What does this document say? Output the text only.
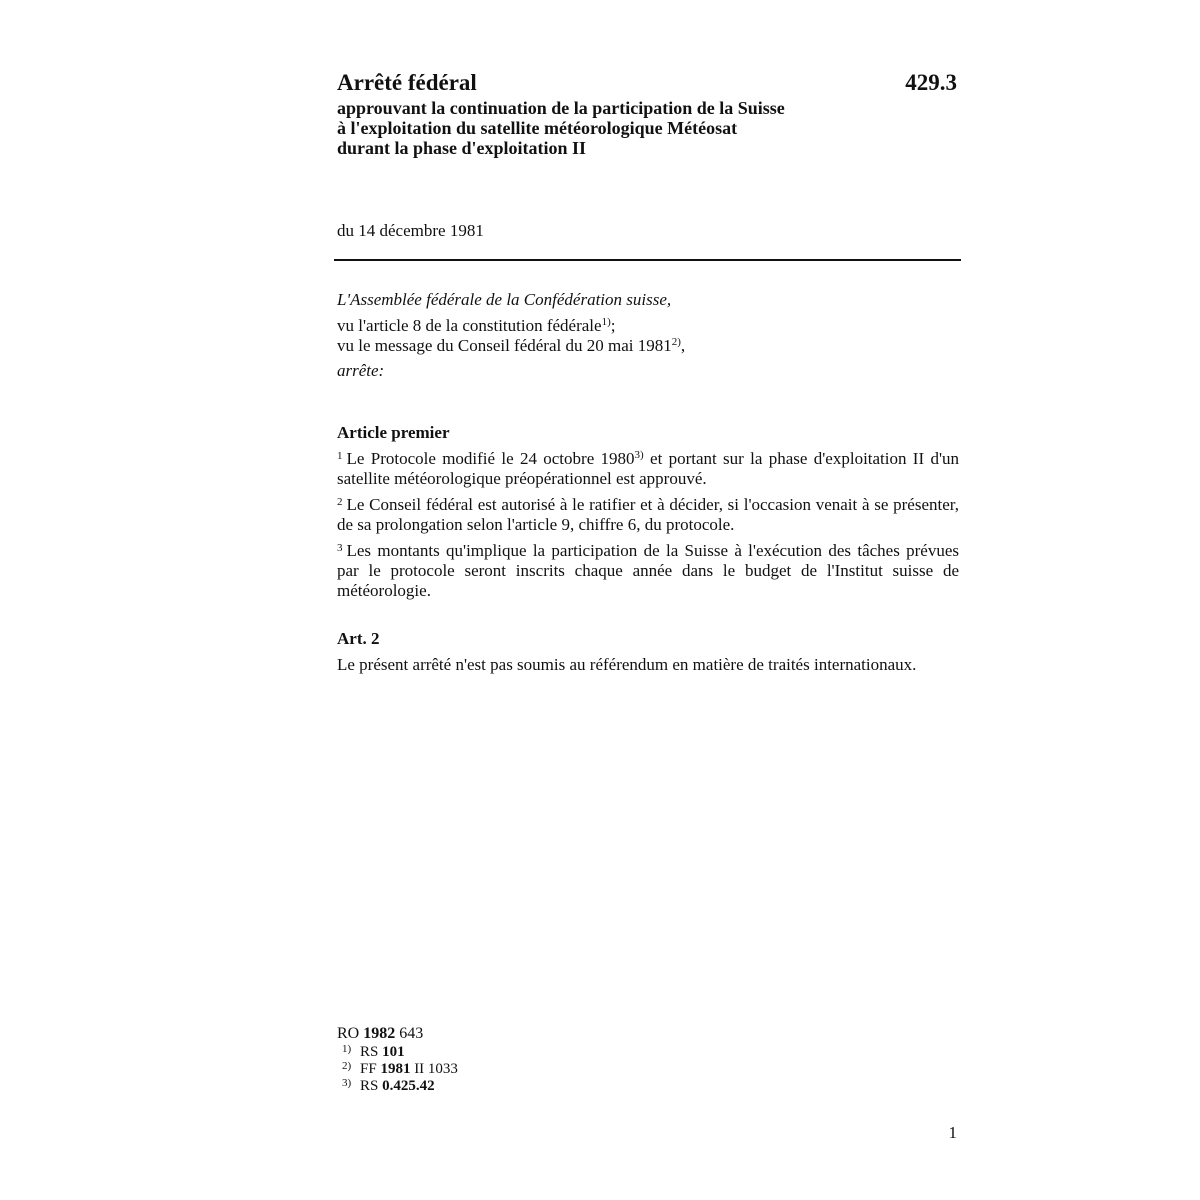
Arrêté fédéral	429.3
approuvant la continuation de la participation de la Suisse
à l'exploitation du satellite météorologique Météosat
durant la phase d'exploitation II
du 14 décembre 1981
L'Assemblée fédérale de la Confédération suisse,
vu l'article 8 de la constitution fédérale$^{1)}$;
vu le message du Conseil fédéral du 20 mai 1981$^{2)}$,
arrête:
Article premier
$^1$ Le Protocole modifié le 24 octobre 1980$^{3)}$ et portant sur la phase d'exploitation II d'un satellite météorologique préopérationnel est approuvé.
$^2$ Le Conseil fédéral est autorisé à le ratifier et à décider, si l'occasion venait à se présenter, de sa prolongation selon l'article 9, chiffre 6, du protocole.
$^3$ Les montants qu'implique la participation de la Suisse à l'exécution des tâches prévues par le protocole seront inscrits chaque année dans le budget de l'Institut suisse de météorologie.
Art. 2
Le présent arrêté n'est pas soumis au référendum en matière de traités internationaux.
RO 1982 643
1) RS 101
2) FF 1981 II 1033
3) RS 0.425.42
1
